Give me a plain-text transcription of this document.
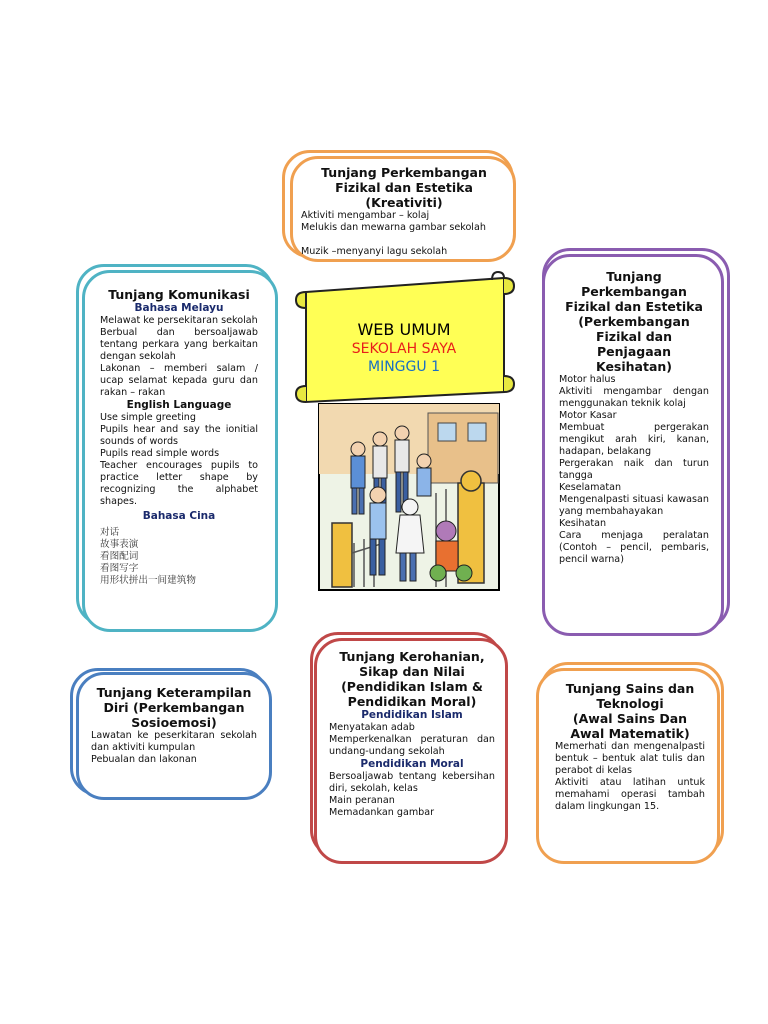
Tunjang Perkembangan
Fizikal dan Estetika
(Kreativiti)
Aktiviti mengambar – kolaj
Melukis dan mewarna gambar sekolah
Muzik –menyanyi lagu sekolah
Tunjang Komunikasi
Bahasa Melayu
Melawat ke persekitaran sekolah
Berbual dan bersoaljawab tentang perkara yang berkaitan dengan sekolah
Lakonan – memberi salam / ucap selamat kepada guru dan rakan – rakan
English Language
Use simple greeting
Pupils hear and say the ionitial sounds of words
Pupils read simple words
Teacher encourages pupils to practice letter shape by recognizing the alphabet shapes.
Bahasa Cina
对话
故事表演
看图配词
看图写字
用形状拼出一间建筑物
WEB UMUM
SEKOLAH SAYA
MINGGU 1
Tunjang
Perkembangan
Fizikal dan Estetika
(Perkembangan
Fizikal dan
Penjagaan
Kesihatan)
Motor halus
Aktiviti mengambar dengan menggunakan teknik kolaj
Motor Kasar
Membuat pergerakan mengikut arah kiri, kanan, hadapan, belakang
Pergerakan naik dan turun tangga
Keselamatan
Mengenalpasti situasi kawasan yang membahayakan
Kesihatan
Cara menjaga peralatan (Contoh – pencil, pembaris, pencil warna)
Tunjang Keterampilan
Diri (Perkembangan
Sosioemosi)
Lawatan ke peserkitaran sekolah dan aktiviti kumpulan
Pebualan dan lakonan
Tunjang Kerohanian,
Sikap dan Nilai
(Pendidikan Islam &
Pendidikan Moral)
Pendidikan Islam
Menyatakan adab
Memperkenalkan peraturan dan undang-undang sekolah
Pendidikan Moral
Bersoaljawab tentang kebersihan diri, sekolah, kelas
Main peranan
Memadankan gambar
Tunjang Sains dan
Teknologi
(Awal Sains Dan
Awal Matematik)
Memerhati dan mengenalpasti bentuk – bentuk alat tulis dan perabot di kelas
Aktiviti atau latihan untuk memahami operasi tambah dalam lingkungan 15.
